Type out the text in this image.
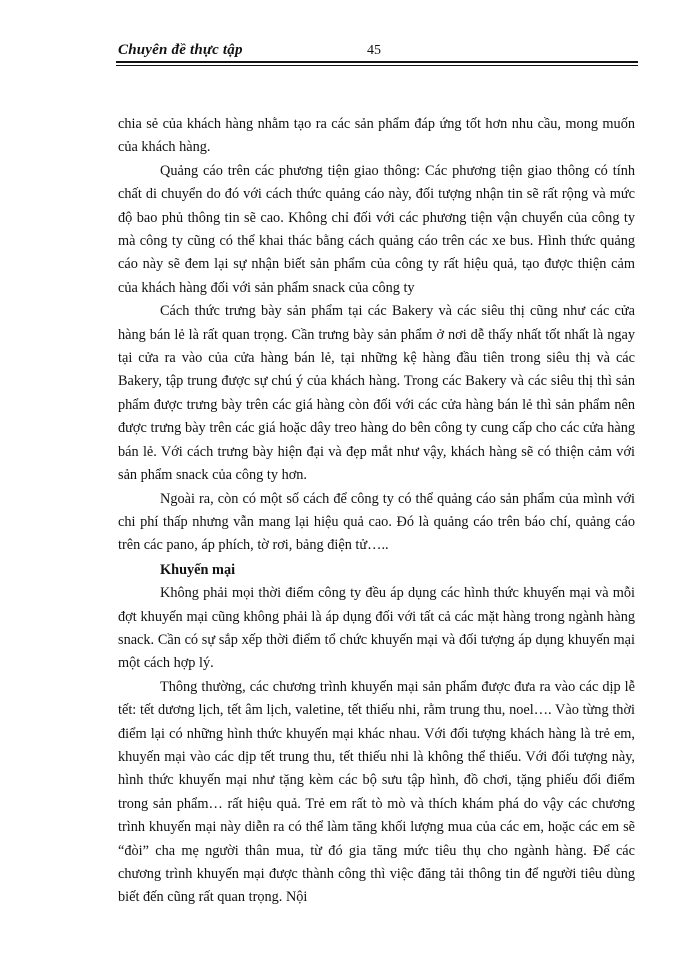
Chuyên đề thực tập	45

chia sẻ của khách hàng nhằm tạo ra các sản phẩm đáp ứng tốt hơn nhu cầu, mong muốn của khách hàng.

Quảng cáo trên các phương tiện giao thông: Các phương tiện giao thông có tính chất di chuyển do đó với cách thức quảng cáo này, đối tượng nhận tin sẽ rất rộng và mức độ bao phủ thông tin sẽ cao. Không chỉ đối với các phương tiện vận chuyển của công ty mà công ty cũng có thể khai thác bằng cách quảng cáo trên các xe bus. Hình thức quảng cáo này sẽ đem lại sự nhận biết sản phẩm của công ty rất hiệu quả, tạo được thiện cảm của khách hàng đối với sản phẩm snack của công ty

Cách thức trưng bày sản phẩm tại các Bakery và các siêu thị cũng như các cửa hàng bán lẻ là rất quan trọng. Cần trưng bày sản phẩm ở nơi dễ thấy nhất tốt nhất là ngay tại cửa ra vào của cửa hàng bán lẻ, tại những kệ hàng đầu tiên trong siêu thị và các Bakery, tập trung được sự chú ý của khách hàng. Trong các Bakery và các siêu thị thì sản phẩm được trưng bày trên các giá hàng còn đối với các cửa hàng bán lẻ thì sản phẩm nên được trưng bày trên các giá hoặc dây treo hàng do bên công ty cung cấp cho các cửa hàng bán lẻ. Với cách trưng bày hiện đại và đẹp mắt như vậy, khách hàng sẽ có thiện cảm với sản phẩm snack của công ty hơn.

Ngoài ra, còn có một số cách để công ty có thể quảng cáo sản phẩm của mình với chi phí thấp nhưng vẫn mang lại hiệu quả cao. Đó là quảng cáo trên báo chí, quảng cáo trên các pano, áp phích, tờ rơi, bảng điện tử…..

Khuyến mại

Không phải mọi thời điểm công ty đều áp dụng các hình thức khuyến mại và mỗi đợt khuyến mại cũng không phải là áp dụng đối với tất cả các mặt hàng trong ngành hàng snack. Cần có sự sắp xếp thời điểm tổ chức khuyến mại và đối tượng áp dụng khuyến mại một cách hợp lý.

Thông thường, các chương trình khuyến mại sản phẩm được đưa ra vào các dịp lễ tết: tết dương lịch, tết âm lịch, valetine, tết thiếu nhi, rằm trung thu, noel…. Vào từng thời điểm lại có những hình thức khuyến mại khác nhau. Với đối tượng khách hàng là trẻ em, khuyến mại vào các dịp tết trung thu, tết thiếu nhi là không thể thiếu. Với đối tượng này, hình thức khuyến mại như tặng kèm các bộ sưu tập hình, đồ chơi, tặng phiếu đổi điểm trong sản phẩm… rất hiệu quả. Trẻ em rất tò mò và thích khám phá do vậy các chương trình khuyến mại này diễn ra có thể làm tăng khối lượng mua của các em, hoặc các em sẽ “đòi” cha mẹ người thân mua, từ đó gia tăng mức tiêu thụ cho ngành hàng. Để các chương trình khuyến mại được thành công thì việc đăng tải thông tin để người tiêu dùng biết đến cũng rất quan trọng. Nội
